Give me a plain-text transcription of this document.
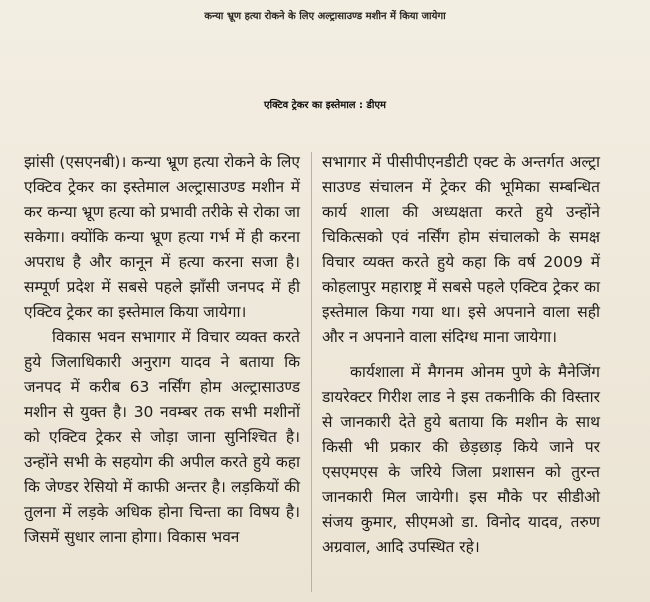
कन्या भ्रूण हत्या रोकने के लिए अल्ट्रासाउण्ड मशीन में किया जायेगा
एक्टिव ट्रेकर का इस्तेमाल : डीएम

झांसी (एसएनबी)। कन्या भ्रूण हत्या रोकने के लिए एक्टिव ट्रेकर का इस्तेमाल अल्ट्रासाउण्ड मशीन में कर कन्या भ्रूण हत्या को प्रभावी तरीके से रोका जा सकेगा। क्योंकि कन्या भ्रूण हत्या गर्भ में ही करना अपराध है और कानून में हत्या करना सजा है। सम्पूर्ण प्रदेश में सबसे पहले झाँसी जनपद में ही एक्टिव ट्रेकर का इस्तेमाल किया जायेगा।

विकास भवन सभागार में विचार व्यक्त करते हुये जिलाधिकारी अनुराग यादव ने बताया कि जनपद में करीब 63 नर्सिंग होम अल्ट्रासाउण्ड मशीन से युक्त है। 30 नवम्बर तक सभी मशीनों को एक्टिव ट्रेकर से जोड़ा जाना सुनिश्चित है। उन्होंने सभी के सहयोग की अपील करते हुये कहा कि जेण्डर रेसियो में काफी अन्तर है। लड़कियों की तुलना में लड़के अधिक होना चिन्ता का विषय है। जिसमें सुधार लाना होगा। विकास भवन

सभागार में पीसीपीएनडीटी एक्ट के अन्तर्गत अल्ट्रा साउण्ड संचालन में ट्रेकर की भूमिका सम्बन्धित कार्य शाला की अध्यक्षता करते हुये उन्होंने चिकित्सको एवं नर्सिंग होम संचालको के समक्ष विचार व्यक्त करते हुये कहा कि वर्ष 2009 में कोहलापुर महाराष्ट्र में सबसे पहले एक्टिव ट्रेकर का इस्तेमाल किया गया था। इसे अपनाने वाला सही और न अपनाने वाला संदिग्ध माना जायेगा।

कार्यशाला में मैगनम ओनम पुणे के मैनेजिंग डायरेक्टर गिरीश लाड ने इस तकनीकि की विस्तार से जानकारी देते हुये बताया कि मशीन के साथ किसी भी प्रकार की छेड़छाड़ किये जाने पर एसएमएस के जरिये जिला प्रशासन को तुरन्त जानकारी मिल जायेगी। इस मौके पर सीडीओ संजय कुमार, सीएमओ डा. विनोद यादव, तरुण अग्रवाल, आदि उपस्थित रहे।
